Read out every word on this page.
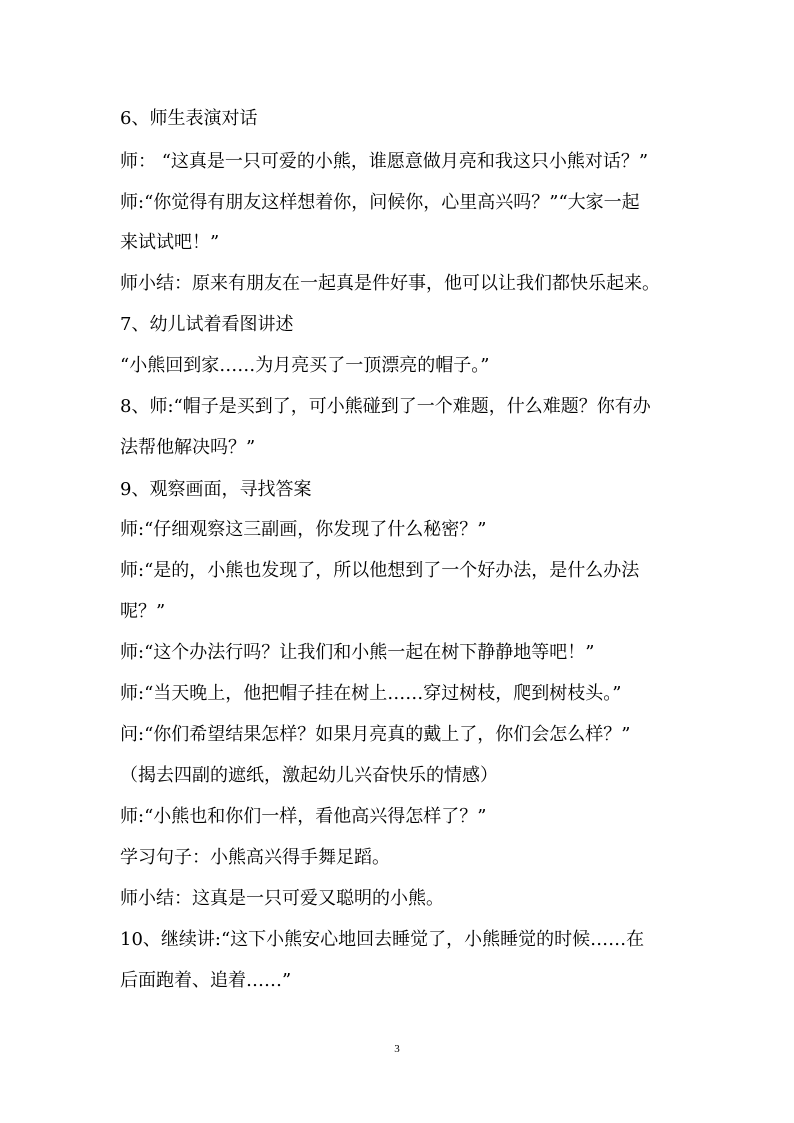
6、师生表演对话
师： “这真是一只可爱的小熊，谁愿意做月亮和我这只小熊对话？”
师:“你觉得有朋友这样想着你，问候你，心里高兴吗？”“大家一起
来试试吧！”
师小结：原来有朋友在一起真是件好事，他可以让我们都快乐起来。
7、幼儿试着看图讲述
“小熊回到家……为月亮买了一顶漂亮的帽子。”
8、师:“帽子是买到了，可小熊碰到了一个难题，什么难题？你有办
法帮他解决吗？”
9、观察画面，寻找答案
师:“仔细观察这三副画，你发现了什么秘密？”
师:“是的，小熊也发现了，所以他想到了一个好办法，是什么办法
呢？”
师:“这个办法行吗？让我们和小熊一起在树下静静地等吧！”
师:“当天晚上，他把帽子挂在树上……穿过树枝，爬到树枝头。”
问:“你们希望结果怎样？如果月亮真的戴上了，你们会怎么样？”
（揭去四副的遮纸，激起幼儿兴奋快乐的情感）
师:“小熊也和你们一样，看他高兴得怎样了？”
学习句子：小熊高兴得手舞足蹈。
师小结：这真是一只可爱又聪明的小熊。
10、继续讲:“这下小熊安心地回去睡觉了，小熊睡觉的时候……在
后面跑着、追着……”
3
